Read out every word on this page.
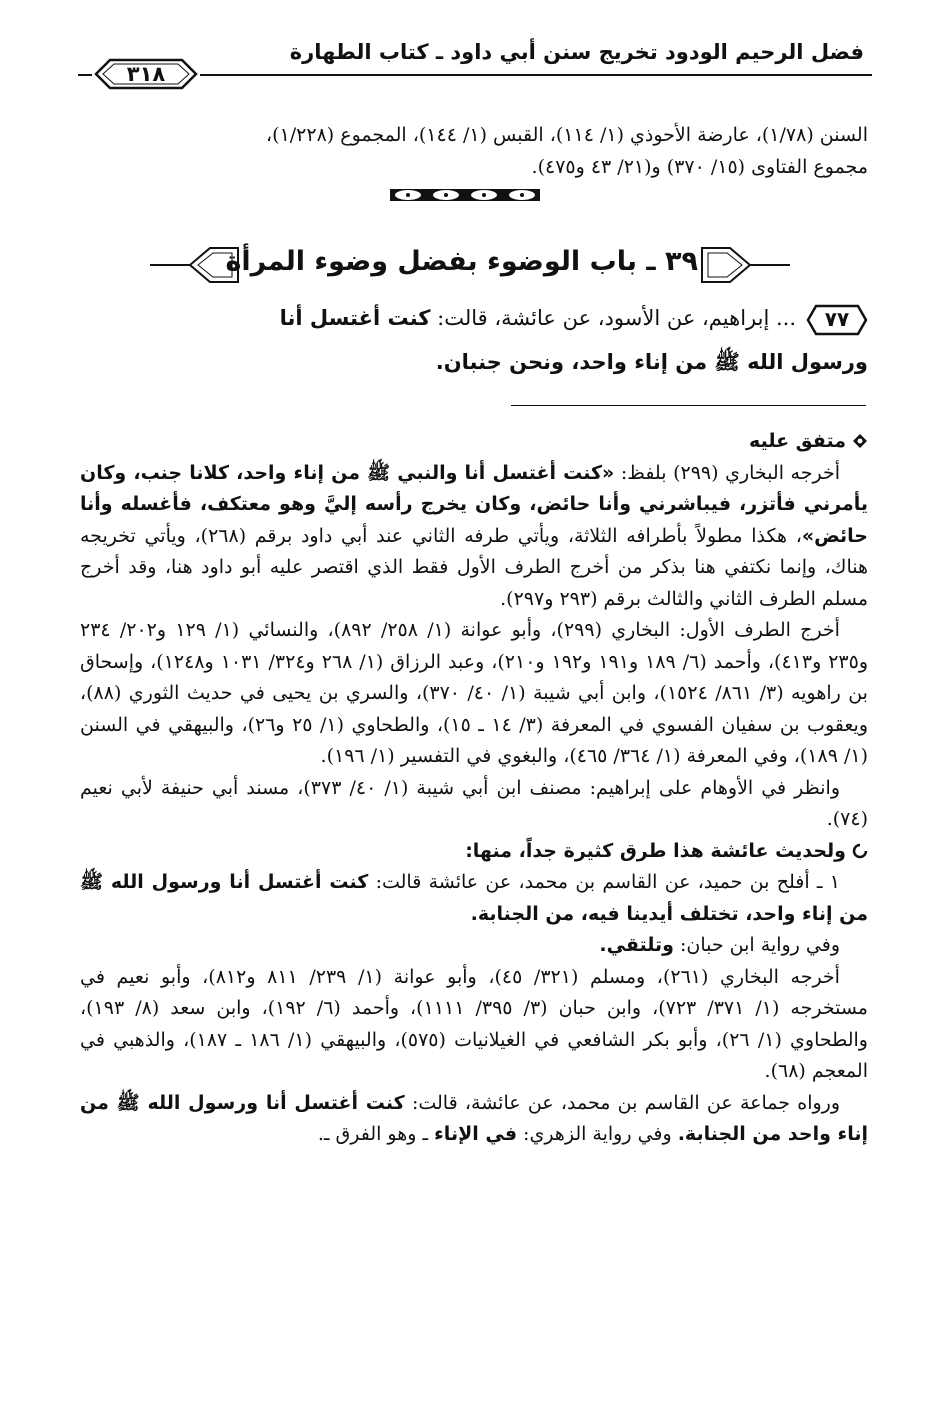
فضل الرحيم الودود تخريج سنن أبي داود ـ كتاب الطهارة
٣١٨
السنن (١/٧٨)، عارضة الأحوذي (١/ ١١٤)، القبس (١/ ١٤٤)، المجموع (١/٢٢٨)،
مجموع الفتاوى (١٥/ ٣٧٠) و(٢١/ ٤٣ و٤٧٥).
٣٩ ـ باب الوضوء بفضل وضوء المرأة
٧٧
... إبراهيم، عن الأسود، عن عائشة، قالت: كنت أغتسل أنا
ورسول الله ﷺ من إناء واحد، ونحن جنبان.
متفق عليه
أخرجه البخاري (٢٩٩) بلفظ: «كنت أغتسل أنا والنبي ﷺ من إناء واحد، كلانا جنب، وكان يأمرني فأتزر، فيباشرني وأنا حائض، وكان يخرج رأسه إليَّ وهو معتكف، فأغسله وأنا حائض»، هكذا مطولاً بأطرافه الثلاثة، ويأتي طرفه الثاني عند أبي داود برقم (٢٦٨)، ويأتي تخريجه هناك، وإنما نكتفي هنا بذكر من أخرج الطرف الأول فقط الذي اقتصر عليه أبو داود هنا، وقد أخرج مسلم الطرف الثاني والثالث برقم (٢٩٣ و٢٩٧).
أخرج الطرف الأول: البخاري (٢٩٩)، وأبو عوانة (١/ ٢٥٨/ ٨٩٢)، والنسائي (١/ ١٢٩ و٢٠٢/ ٢٣٤ و٢٣٥ و٤١٣)، وأحمد (٦/ ١٨٩ و١٩١ و١٩٢ و٢١٠)، وعبد الرزاق (١/ ٢٦٨ و٣٢٤/ ١٠٣١ و١٢٤٨)، وإسحاق بن راهويه (٣/ ٨٦١/ ١٥٢٤)، وابن أبي شيبة (١/ ٤٠/ ٣٧٠)، والسري بن يحيى في حديث الثوري (٨٨)، ويعقوب بن سفيان الفسوي في المعرفة (٣/ ١٤ ـ ١٥)، والطحاوي (١/ ٢٥ و٢٦)، والبيهقي في السنن (١/ ١٨٩)، وفي المعرفة (١/ ٣٦٤/ ٤٦٥)، والبغوي في التفسير (١/ ١٩٦).
وانظر في الأوهام على إبراهيم: مصنف ابن أبي شيبة (١/ ٤٠/ ٣٧٣)، مسند أبي حنيفة لأبي نعيم (٧٤).
ولحديث عائشة هذا طرق كثيرة جداً، منها:
١ ـ أفلح بن حميد، عن القاسم بن محمد، عن عائشة قالت: كنت أغتسل أنا ورسول الله ﷺ من إناء واحد، تختلف أيدينا فيه، من الجنابة.
وفي رواية ابن حبان: وتلتقي.
أخرجه البخاري (٢٦١)، ومسلم (٣٢١/ ٤٥)، وأبو عوانة (١/ ٢٣٩/ ٨١١ و٨١٢)، وأبو نعيم في مستخرجه (١/ ٣٧١/ ٧٢٣)، وابن حبان (٣/ ٣٩٥/ ١١١١)، وأحمد (٦/ ١٩٢)، وابن سعد (٨/ ١٩٣)، والطحاوي (١/ ٢٦)، وأبو بكر الشافعي في الغيلانيات (٥٧٥)، والبيهقي (١/ ١٨٦ ـ ١٨٧)، والذهبي في المعجم (٦٨).
ورواه جماعة عن القاسم بن محمد، عن عائشة، قالت: كنت أغتسل أنا ورسول الله ﷺ من إناء واحد من الجنابة. وفي رواية الزهري: في الإناء ـ وهو الفرق ـ.
